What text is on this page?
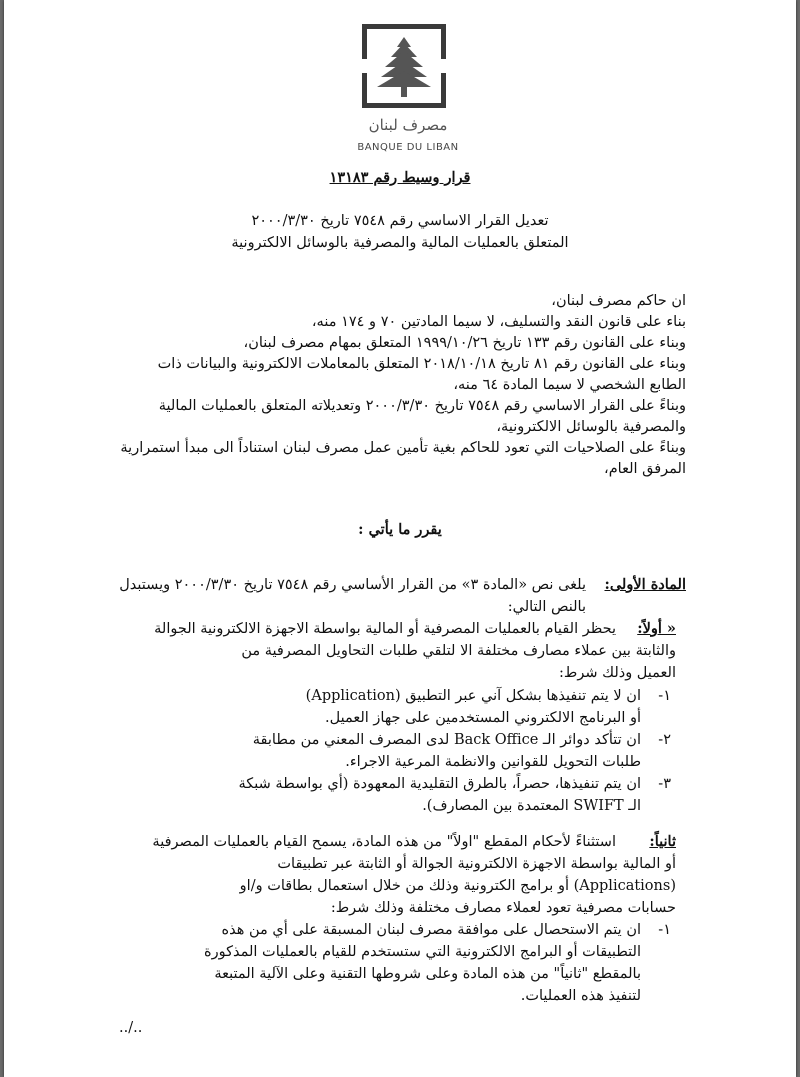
مصرف لبنان
BANQUE DU LIBAN
قرار وسيط رقم ١٣١٨٣
تعديل القرار الاساسي رقم ٧٥٤٨ تاريخ ٢٠٠٠/٣/٣٠
المتعلق بالعمليات المالية والمصرفية بالوسائل الالكترونية
ان حاكم مصرف لبنان،
بناء على قانون النقد والتسليف، لا سيما المادتين ٧٠ و ١٧٤ منه،
وبناء على القانون رقم ١٣٣ تاريخ ١٩٩٩/١٠/٢٦ المتعلق بمهام مصرف لبنان،
وبناء على القانون رقم ٨١ تاريخ ٢٠١٨/١٠/١٨ المتعلق بالمعاملات الالكترونية والبيانات ذات
الطابع الشخصي لا سيما المادة ٦٤ منه،
وبناءً على القرار الاساسي رقم ٧٥٤٨ تاريخ ٢٠٠٠/٣/٣٠ وتعديلاته المتعلق بالعمليات المالية
والمصرفية بالوسائل الالكترونية،
وبناءً على الصلاحيات التي تعود للحاكم بغية تأمين عمل مصرف لبنان استناداً الى مبدأ استمرارية
المرفق العام،
يقرر ما يأتي :
المادة الأولى:
يلغى نص «المادة ٣» من القرار الأساسي رقم ٧٥٤٨ تاريخ ٢٠٠٠/٣/٣٠ ويستبدل
بالنص التالي:
« أولاً:
يحظر القيام بالعمليات المصرفية أو المالية بواسطة الاجهزة الالكترونية الجوالة
والثابتة بين عملاء مصارف مختلفة الا لتلقي طلبات التحاويل المصرفية من
العميل وذلك شرط:
١-
ان لا يتم تنفيذها بشكل آني عبر التطبيق (Application)
أو البرنامج الالكتروني المستخدمين على جهاز العميل.
٢-
ان تتأكد دوائر الـ Back Office لدى المصرف المعني من مطابقة
طلبات التحويل للقوانين والانظمة المرعية الاجراء.
٣-
ان يتم تنفيذها، حصراً، بالطرق التقليدية المعهودة (أي بواسطة شبكة
الـ SWIFT المعتمدة بين المصارف).
ثانياً:
استثناءً لأحكام المقطع "اولاً" من هذه المادة، يسمح القيام بالعمليات المصرفية
أو المالية بواسطة الاجهزة الالكترونية الجوالة أو الثابتة عبر تطبيقات
(Applications) أو برامج الكترونية وذلك من خلال استعمال بطاقات و/او
حسابات مصرفية تعود لعملاء مصارف مختلفة وذلك شرط:
١-
ان يتم الاستحصال على موافقة مصرف لبنان المسبقة على أي من هذه
التطبيقات أو البرامج الالكترونية التي ستستخدم للقيام بالعمليات المذكورة
بالمقطع "ثانياً" من هذه المادة وعلى شروطها التقنية وعلى الآلية المتبعة
لتنفيذ هذه العمليات.
../..
